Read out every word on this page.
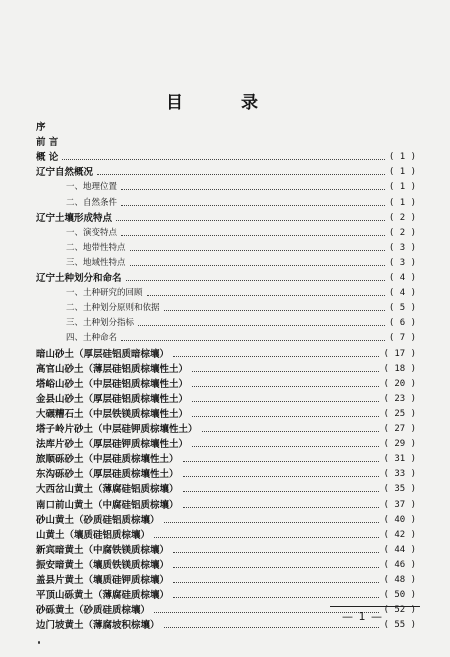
目 录
序
前 言
概 论	( 1 )
辽宁自然概况	( 1 )
一、地理位置	( 1 )
二、自然条件	( 1 )
辽宁土壤形成特点	( 2 )
一、演变特点	( 2 )
二、地带性特点	( 3 )
三、地域性特点	( 3 )
辽宁土种划分和命名	( 4 )
一、土种研究的回顾	( 4 )
二、土种划分原则和依据	( 5 )
三、土种划分指标	( 6 )
四、土种命名	( 7 )
暗山砂土（厚层硅铝质暗棕壤）	( 17 )
高官山砂土（薄层硅铝质棕壤性土）	( 18 )
塔峪山砂土（中层硅铝质棕壤性土）	( 20 )
金县山砂土（厚层硅铝质棕壤性土）	( 23 )
大碾糟石土（中层铁镁质棕壤性土）	( 25 )
塔子岭片砂土（中层硅钾质棕壤性土）	( 27 )
法库片砂土（厚层硅钾质棕壤性土）	( 29 )
旅顺砾砂土（中层硅质棕壤性土）	( 31 )
东沟砾砂土（厚层硅质棕壤性土）	( 33 )
大西岔山黄土（薄腐硅铝质棕壤）	( 35 )
南口前山黄土（中腐硅铝质棕壤）	( 37 )
砂山黄土（砂质硅铝质棕壤）	( 40 )
山黄土（壤质硅铝质棕壤）	( 42 )
新宾暗黄土（中腐铁镁质棕壤）	( 44 )
振安暗黄土（壤质铁镁质棕壤）	( 46 )
盖县片黄土（壤质硅钾质棕壤）	( 48 )
平顶山砾黄土（薄腐硅质棕壤）	( 50 )
砂砾黄土（砂质硅质棕壤）	( 52 )
边门坡黄土（薄腐坡积棕壤）	( 55 )
— 1 —
